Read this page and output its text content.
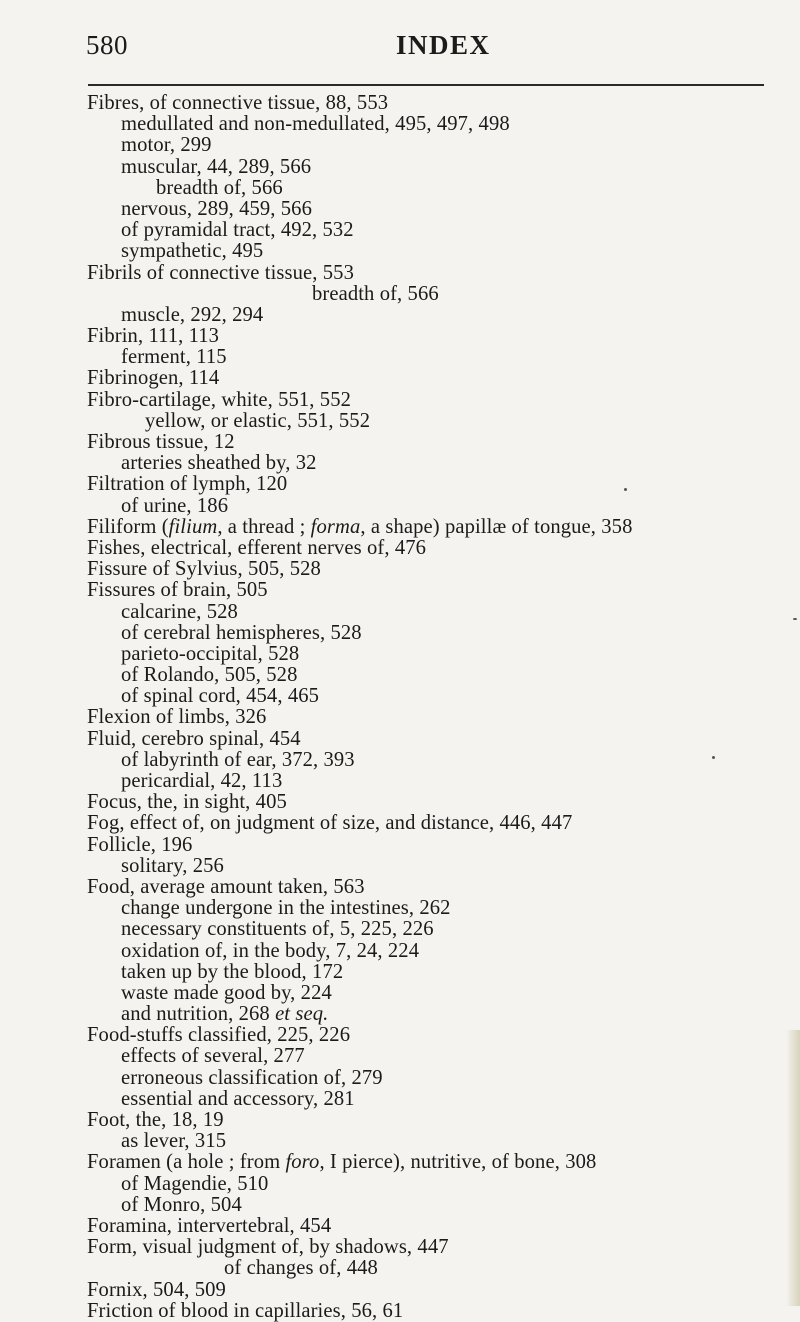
580	INDEX
Fibres, of connective tissue, 88, 553
medullated and non-medullated, 495, 497, 498
motor, 299
muscular, 44, 289, 566
breadth of, 566
nervous, 289, 459, 566
of pyramidal tract, 492, 532
sympathetic, 495
Fibrils of connective tissue, 553
breadth of, 566
muscle, 292, 294
Fibrin, 111, 113
ferment, 115
Fibrinogen, 114
Fibro-cartilage, white, 551, 552
yellow, or elastic, 551, 552
Fibrous tissue, 12
arteries sheathed by, 32
Filtration of lymph, 120
of urine, 186
Filiform (filium, a thread ; forma, a shape) papillæ of tongue, 358
Fishes, electrical, efferent nerves of, 476
Fissure of Sylvius, 505, 528
Fissures of brain, 505
calcarine, 528
of cerebral hemispheres, 528
parieto-occipital, 528
of Rolando, 505, 528
of spinal cord, 454, 465
Flexion of limbs, 326
Fluid, cerebro spinal, 454
of labyrinth of ear, 372, 393
pericardial, 42, 113
Focus, the, in sight, 405
Fog, effect of, on judgment of size, and distance, 446, 447
Follicle, 196
solitary, 256
Food, average amount taken, 563
change undergone in the intestines, 262
necessary constituents of, 5, 225, 226
oxidation of, in the body, 7, 24, 224
taken up by the blood, 172
waste made good by, 224
and nutrition, 268 et seq.
Food-stuffs classified, 225, 226
effects of several, 277
erroneous classification of, 279
essential and accessory, 281
Foot, the, 18, 19
as lever, 315
Foramen (a hole ; from foro, I pierce), nutritive, of bone, 308
of Magendie, 510
of Monro, 504
Foramina, intervertebral, 454
Form, visual judgment of, by shadows, 447
of changes of, 448
Fornix, 504, 509
Friction of blood in capillaries, 56, 61
